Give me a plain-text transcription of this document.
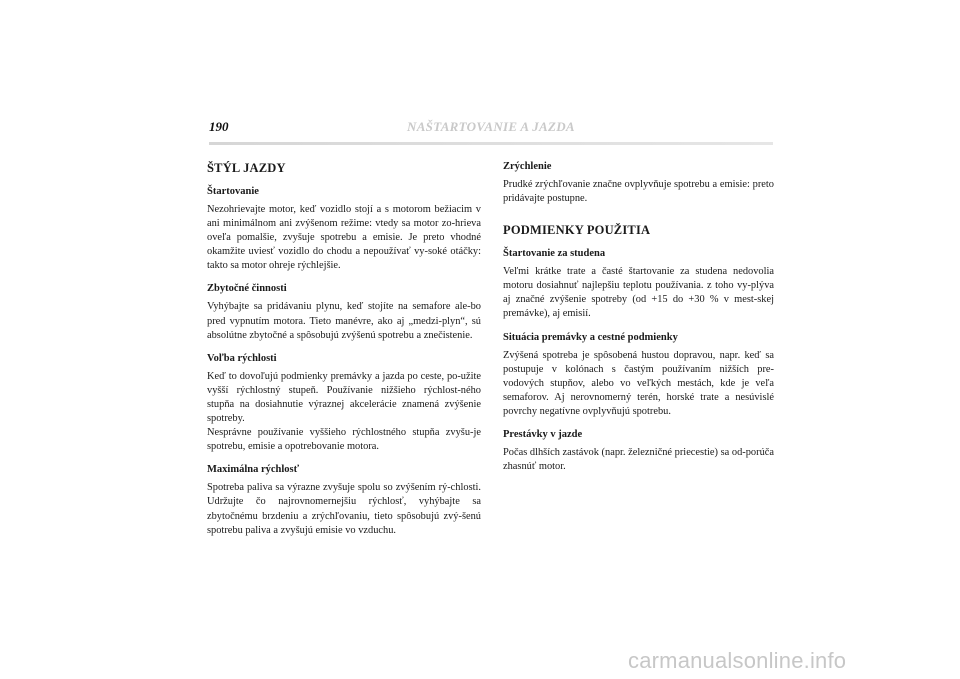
190	NAŠTARTOVANIE A JAZDA
ŠTÝL JAZDY
Štartovanie

Nezohrievajte motor, keď vozidlo stojí a s motorom bežiacim v ani minimálnom ani zvýšenom režime: vtedy sa motor zo-hrieva oveľa pomalšie, zvyšuje spotrebu a emisie. Je preto vhodné okamžite uviesť vozidlo do chodu a nepoužívať vy-soké otáčky: takto sa motor ohreje rýchlejšie.

Zbytočné činnosti

Vyhýbajte sa pridávaniu plynu, keď stojíte na semafore ale-bo pred vypnutím motora. Tieto manévre, ako aj „medzi-plyn“, sú absolútne zbytočné a spôsobujú zvýšenú spotrebu a znečistenie.

Voľba rýchlosti

Keď to dovoľujú podmienky premávky a jazda po ceste, po-užite vyšší rýchlostný stupeň. Používanie nižšieho rýchlost-ného stupňa na dosiahnutie výraznej akcelerácie znamená zvýšenie spotreby.

Nesprávne používanie vyššieho rýchlostného stupňa zvyšu-je spotrebu, emisie a opotrebovanie motora.

Maximálna rýchlosť

Spotreba paliva sa výrazne zvyšuje spolu so zvýšením rý-chlosti. Udržujte čo najrovnomernejšiu rýchlosť, vyhýbajte sa zbytočnému brzdeniu a zrýchľovaniu, tieto spôsobujú zvý-šenú spotrebu paliva a zvyšujú emisie vo vzduchu.

Zrýchlenie

Prudké zrýchľovanie značne ovplyvňuje spotrebu a emisie: preto pridávajte postupne.

PODMIENKY POUŽITIA
Štartovanie za studena

Veľmi krátke trate a časté štartovanie za studena nedovolia motoru dosiahnuť najlepšiu teplotu používania. z toho vy-plýva aj značné zvýšenie spotreby (od +15 do +30 % v mest-skej premávke), aj emisií.

Situácia premávky a cestné podmienky

Zvýšená spotreba je spôsobená hustou dopravou, napr. keď sa postupuje v kolónach s častým používaním nižších pre-vodových stupňov, alebo vo veľkých mestách, kde je veľa semaforov. Aj nerovnomerný terén, horské trate a nesúvislé povrchy negatívne ovplyvňujú spotrebu.

Prestávky v jazde

Počas dlhších zastávok (napr. železničné priecestie) sa od-porúča zhasnúť motor.

carmanualsonline.info
